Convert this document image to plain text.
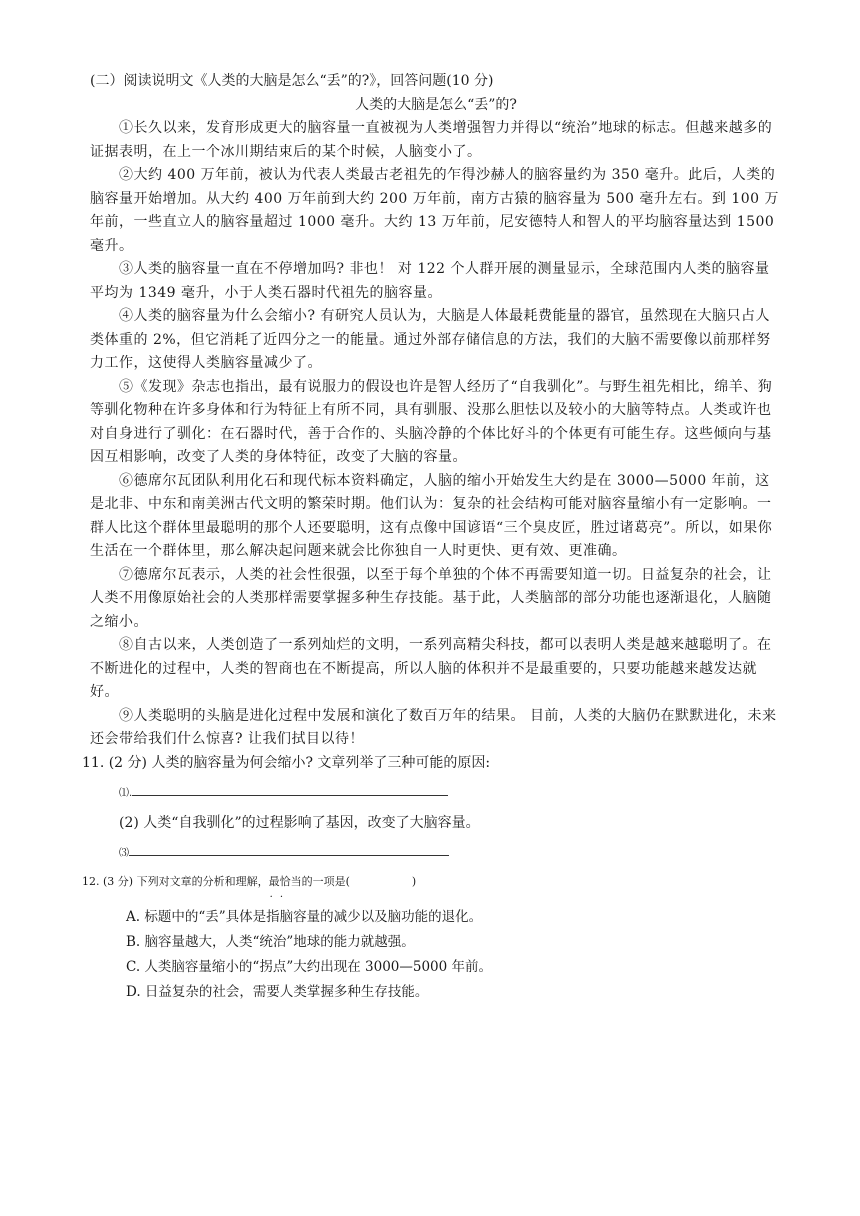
(二）阅读说明文《人类的大脑是怎么“丢”的?》，回答问题(10 分)
人类的大脑是怎么“丢”的?
①长久以来，发育形成更大的脑容量一直被视为人类增强智力并得以“统治”地球的标志。但越来越多的证据表明，在上一个冰川期结束后的某个时候，人脑变小了。
②大约 400 万年前，被认为代表人类最古老祖先的乍得沙赫人的脑容量约为 350 毫升。此后，人类的脑容量开始增加。从大约 400 万年前到大约 200 万年前，南方古猿的脑容量为 500 毫升左右。到 100 万年前，一些直立人的脑容量超过 1000 毫升。大约 13 万年前，尼安德特人和智人的平均脑容量达到 1500 毫升。
③人类的脑容量一直在不停增加吗? 非也！ 对 122 个人群开展的测量显示，全球范围内人类的脑容量平均为 1349 毫升，小于人类石器时代祖先的脑容量。
④人类的脑容量为什么会缩小? 有研究人员认为，大脑是人体最耗费能量的器官，虽然现在大脑只占人类体重的 2%，但它消耗了近四分之一的能量。通过外部存储信息的方法，我们的大脑不需要像以前那样努力工作，这使得人类脑容量减少了。
⑤《发现》杂志也指出，最有说服力的假设也许是智人经历了“自我驯化”。与野生祖先相比，绵羊、狗等驯化物种在许多身体和行为特征上有所不同，具有驯服、没那么胆怯以及较小的大脑等特点。人类或许也对自身进行了驯化：在石器时代，善于合作的、头脑冷静的个体比好斗的个体更有可能生存。这些倾向与基因互相影响，改变了人类的身体特征，改变了大脑的容量。
⑥德席尔瓦团队利用化石和现代标本资料确定，人脑的缩小开始发生大约是在 3000—5000 年前，这是北非、中东和南美洲古代文明的繁荣时期。他们认为：复杂的社会结构可能对脑容量缩小有一定影响。一群人比这个群体里最聪明的那个人还要聪明，这有点像中国谚语“三个臭皮匠，胜过诸葛亮”。所以，如果你生活在一个群体里，那么解决起问题来就会比你独自一人时更快、更有效、更准确。
⑦德席尔瓦表示，人类的社会性很强，以至于每个单独的个体不再需要知道一切。日益复杂的社会，让人类不用像原始社会的人类那样需要掌握多种生存技能。基于此，人类脑部的部分功能也逐渐退化，人脑随之缩小。
⑧自古以来，人类创造了一系列灿烂的文明，一系列高精尖科技，都可以表明人类是越来越聪明了。在不断进化的过程中，人类的智商也在不断提高，所以人脑的体积并不是最重要的，只要功能越来越发达就好。
⑨人类聪明的头脑是进化过程中发展和演化了数百万年的结果。 目前，人类的大脑仍在默默进化，未来还会带给我们什么惊喜? 让我们拭目以待！
11. (2 分) 人类的脑容量为何会缩小? 文章列举了三种可能的原因:
⑴.
(2) 人类“自我驯化”的过程影响了基因，改变了大脑容量。
⑶
12. (3 分) 下列对文章的分析和理解，最恰当 · ·的一项是(	)
A. 标题中的“丢”具体是指脑容量的减少以及脑功能的退化。
B. 脑容量越大，人类“统治”地球的能力就越强。
C. 人类脑容量缩小的“拐点”大约出现在 3000—5000 年前。
D. 日益复杂的社会，需要人类掌握多种生存技能。
